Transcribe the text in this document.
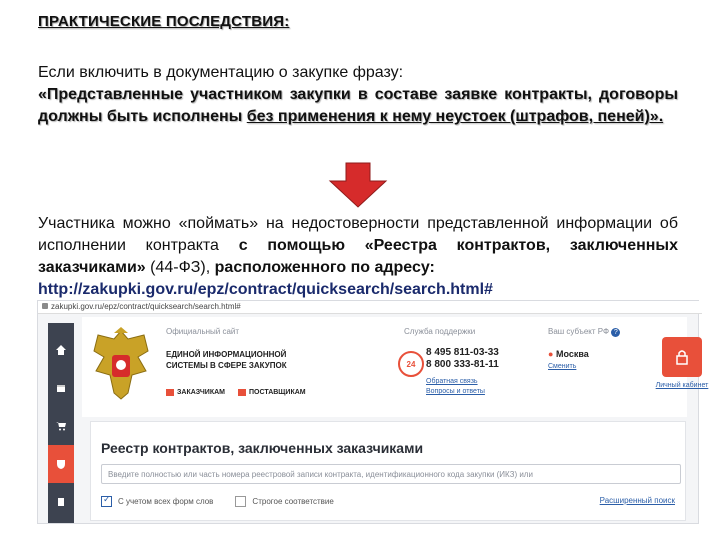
ПРАКТИЧЕСКИЕ ПОСЛЕДСТВИЯ:
Если включить в документацию о закупке фразу:
«Представленные участником закупки в составе заявке контракты, договоры должны быть исполнены без применения к нему неустоек (штрафов, пеней)».
Участника можно «поймать» на недостоверности представленной информации об исполнении контракта с помощью «Реестра контрактов, заключенных заказчиками» (44-ФЗ), расположенного по адресу:
http://zakupki.gov.ru/epz/contract/quicksearch/search.html#
zakupki.gov.ru/epz/contract/quicksearch/search.html#
Официальный сайт
ЕДИНОЙ ИНФОРМАЦИОННОЙ СИСТЕМЫ В СФЕРЕ ЗАКУПОК
ЗАКАЗЧИКАМ	ПОСТАВЩИКАМ
Служба поддержки
24
8 495 811-03-33
8 800 333-81-11
Обратная связь
Вопросы и ответы
Ваш субъект РФ ?
● Москва
Сменить
Личный кабинет
Реестр контрактов, заключенных заказчиками
Введите полностью или часть номера реестровой записи контракта, идентификационного кода закупки (ИКЗ) или
✓
С учетом всех форм слов	Строгое соответствие	Расширенный поиск
